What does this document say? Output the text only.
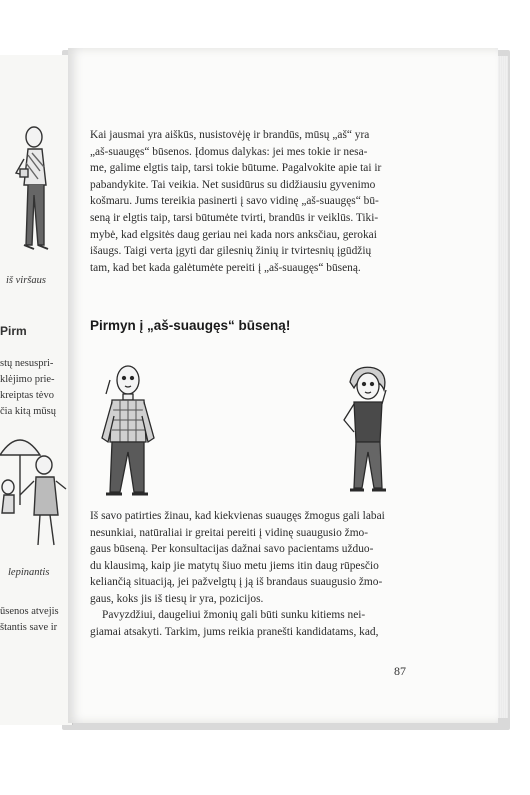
iš viršaus
Pirm
stų nesuspri-
klėjimo prie-
kreiptas tėvo
čia kitą mūsų
lepinantis
ūsenos atvejis
štantis save ir
Kai jausmai yra aiškūs, nusistovėję ir brandūs, mūsų „aš“ yra
„aš-suaugęs“ būsenos. Įdomus dalykas: jei mes tokie ir nesa-
me, galime elgtis taip, tarsi tokie būtume. Pagalvokite apie tai ir
pabandykite. Tai veikia. Net susidūrus su didžiausiu gyvenimo
košmaru. Jums tereikia pasinerti į savo vidinę „aš-suaugęs“ bū-
seną ir elgtis taip, tarsi būtumėte tvirti, brandūs ir veiklūs. Tiki-
mybė, kad elgsitės daug geriau nei kada nors anksčiau, gerokai
išaugs. Taigi verta įgyti dar gilesnių žinių ir tvirtesnių įgūdžių
tam, kad bet kada galėtumėte pereiti į „aš-suaugęs“ būseną.
Pirmyn į „aš-suaugęs“ būseną!
Iš savo patirties žinau, kad kiekvienas suaugęs žmogus gali labai
nesunkiai, natūraliai ir greitai pereiti į vidinę suaugusio žmo-
gaus būseną. Per konsultacijas dažnai savo pacientams užduo-
du klausimą, kaip jie matytų šiuo metu jiems itin daug rūpesčio
keliančią situaciją, jei pažvelgtų į ją iš brandaus suaugusio žmo-
gaus, koks jis iš tiesų ir yra, pozicijos.
Pavyzdžiui, daugeliui žmonių gali būti sunku kitiems nei-
giamai atsakyti. Tarkim, jums reikia pranešti kandidatams, kad,
87
